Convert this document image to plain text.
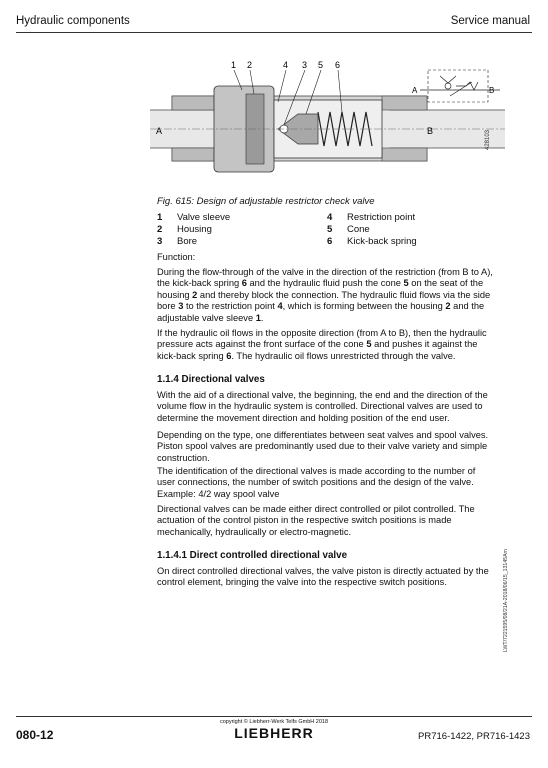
Hydraulic components	Service manual
1 2	4 3 5 6
A	B
A	B
428103
Fig. 615: Design of adjustable restrictor check valve
1	Valve sleeve	4	Restriction point
2	Housing	5	Cone
3	Bore	6	Kick-back spring
Function:
During the flow-through of the valve in the direction of the restriction (from B to A), the kick-back spring 6 and the hydraulic fluid push the cone 5 on the seat of the housing 2 and thereby block the connection. The hydraulic fluid flows via the side bore 3 to the restriction point 4, which is forming between the housing 2 and the adjustable valve sleeve 1.
If the hydraulic oil flows in the opposite direction (from A to B), then the hydraulic pressure acts against the front surface of the cone 5 and pushes it against the kick-back spring 6. The hydraulic oil flows unrestricted through the valve.
1.1.4 Directional valves
With the aid of a directional valve, the beginning, the end and the direction of the volume flow in the hydraulic system is controlled. Directional valves are used to determine the movement direction and holding position of the end user.
Depending on the type, one differentiates between seat valves and spool valves. Piston spool valves are predominantly used due to their valve variety and simple construction.
The identification of the directional valves is made according to the number of user connections, the number of switch positions and the design of the valve. Example: 4/2 way spool valve
Directional valves can be made either direct controlled or pilot controlled. The actuation of the control piston in the respective switch positions is made mechanically, hydraulically or electro-magnetic.
1.1.4.1 Direct controlled directional valve
On direct controlled directional valves, the valve piston is directly actuated by the control element, bringing the valve into the respective switch positions.	LWT/7221595/08/21A-2018/06/15_13145Am
080-12
copyright © Liebherr-Werk Telfs GmbH 2018
LIEBHERR	PR716-1422, PR716-1423
